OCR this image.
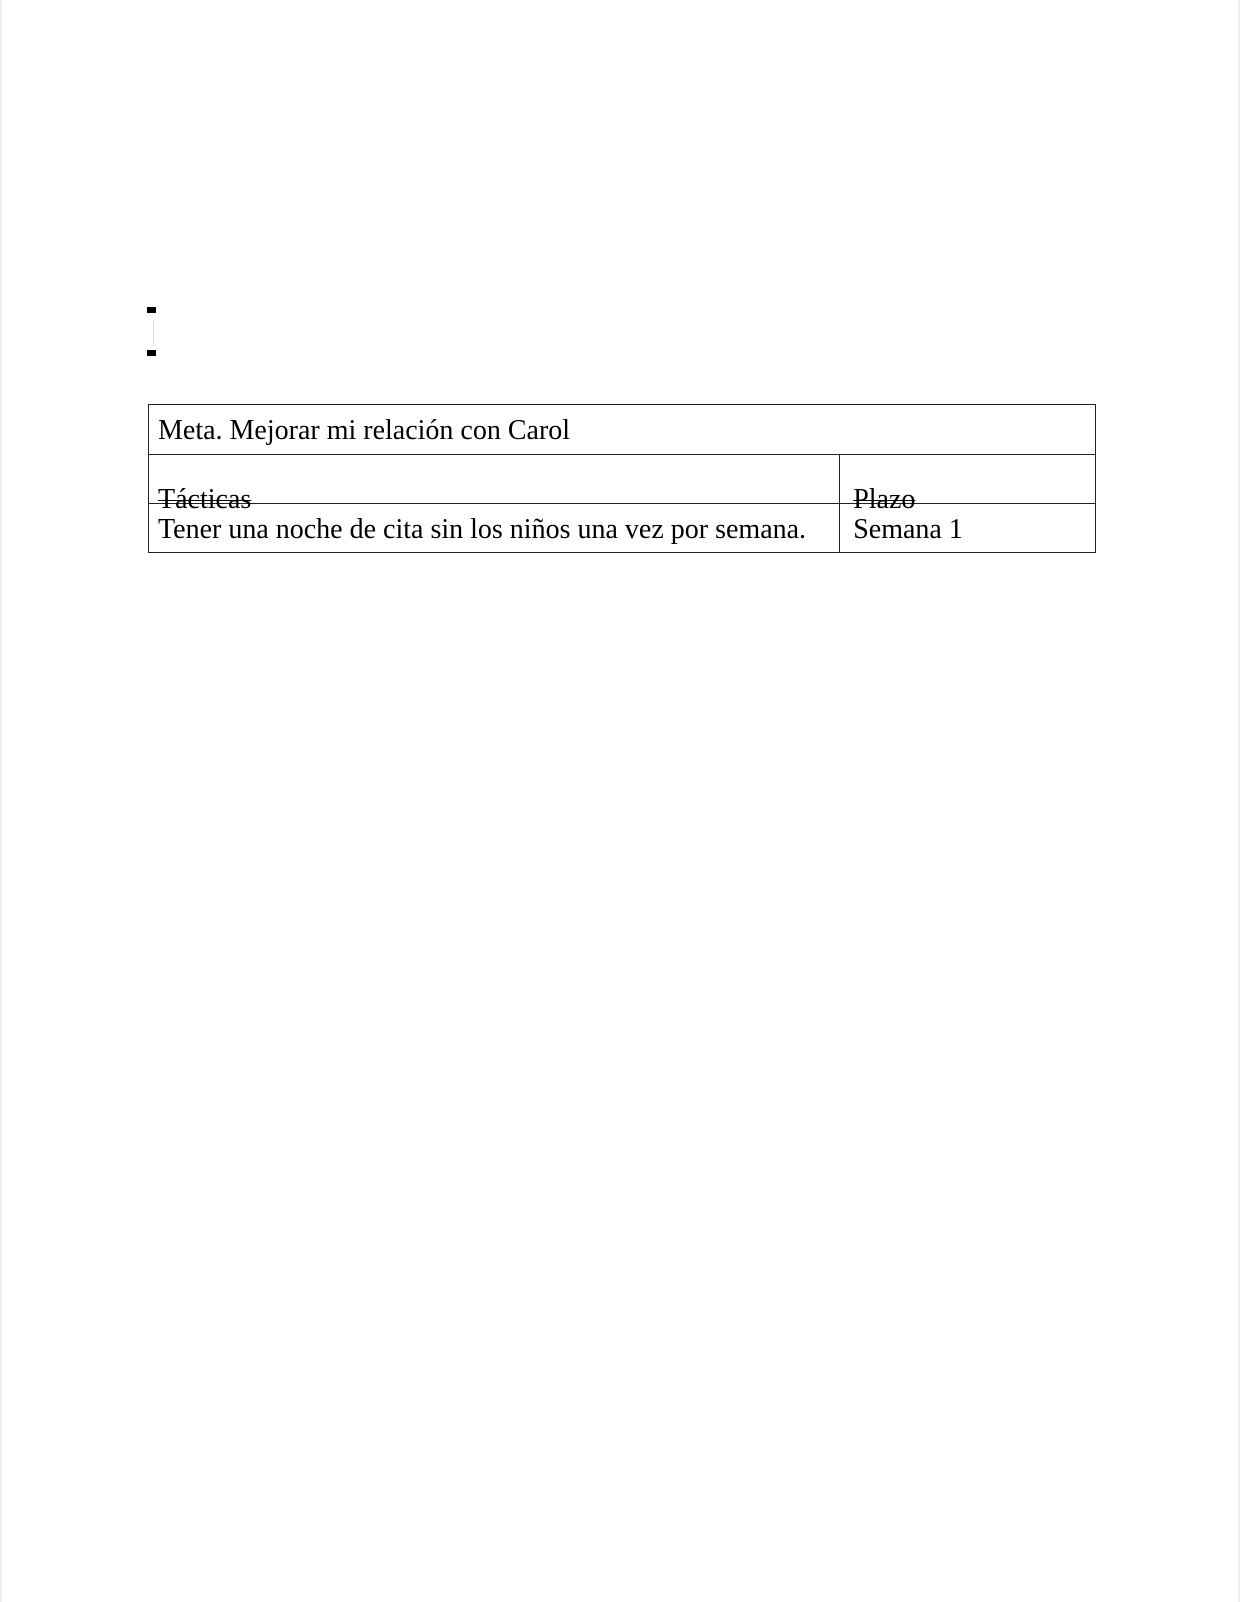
Meta. Mejorar mi relación con Carol	
Tácticas	Plazo
Tener una noche de cita sin los niños una vez por semana.	Semana 1
